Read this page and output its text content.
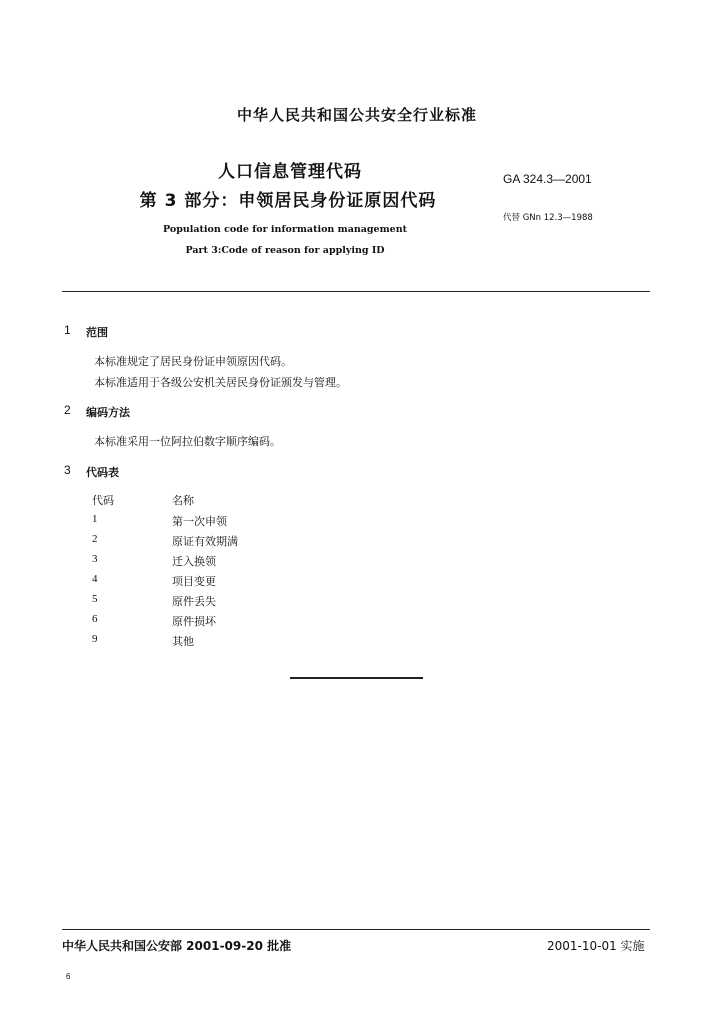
中华人民共和国公共安全行业标准
人口信息管理代码
第 3 部分：申领居民身份证原因代码
Population code for information management
Part 3:Code of reason for applying ID
GA 324.3—2001
代替 GNn 12.3—1988
1 范围
本标准规定了居民身份证申领原因代码。
本标准适用于各级公安机关居民身份证颁发与管理。
2 编码方法
本标准采用一位阿拉伯数字顺序编码。
3 代码表
代码	名称
1	第一次申领
2	原证有效期满
3	迁入换领
4	项目变更
5	原件丢失
6	原件损坏
9	其他
中华人民共和国公安部 2001-09-20 批准	2001-10-01 实施
6
